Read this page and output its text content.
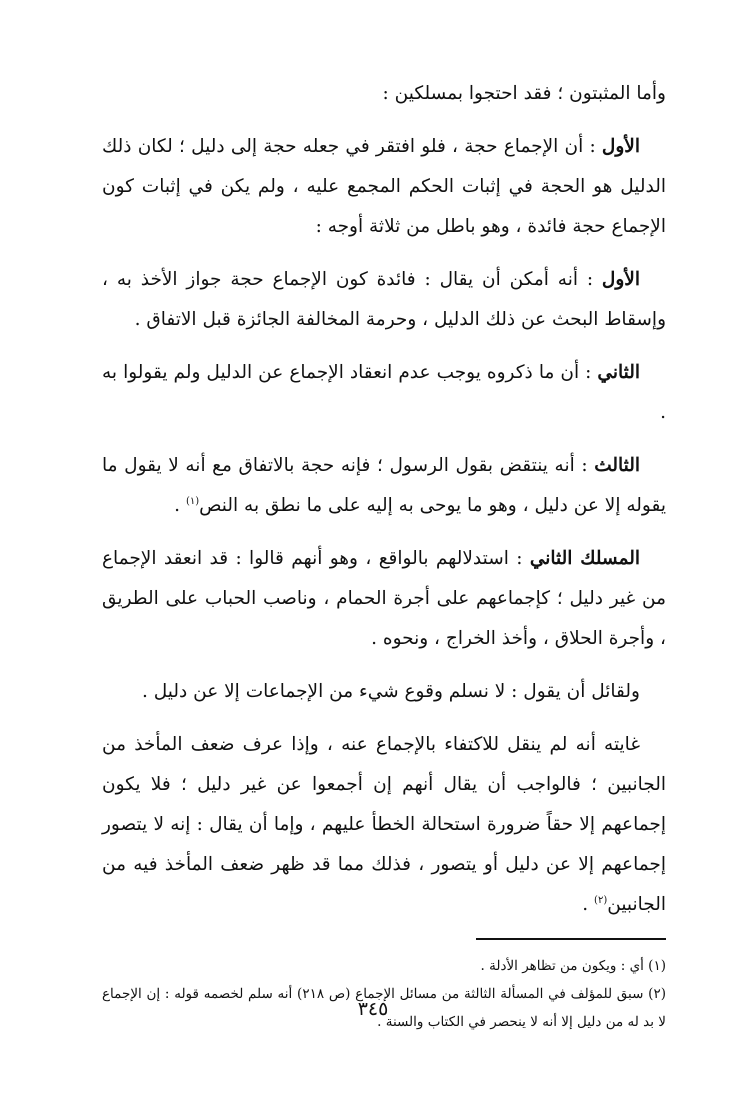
وأما المثبتون ؛ فقد احتجوا بمسلكين :

الأول : أن الإجماع حجة ، فلو افتقر في جعله حجة إلى دليل ؛ لكان ذلك الدليل هو الحجة في إثبات الحكم المجمع عليه ، ولم يكن في إثبات كون الإجماع حجة فائدة ، وهو باطل من ثلاثة أوجه :

الأول : أنه أمكن أن يقال : فائدة كون الإجماع حجة جواز الأخذ به ، وإسقاط البحث عن ذلك الدليل ، وحرمة المخالفة الجائزة قبل الاتفاق .

الثاني : أن ما ذكروه يوجب عدم انعقاد الإجماع عن الدليل ولم يقولوا به .

الثالث : أنه ينتقض بقول الرسول ؛ فإنه حجة بالاتفاق مع أنه لا يقول ما يقوله إلا عن دليل ، وهو ما يوحى به إليه على ما نطق به النص$^{(١)}$ .

المسلك الثاني : استدلالهم بالواقع ، وهو أنهم قالوا : قد انعقد الإجماع من غير دليل ؛ كإجماعهم على أجرة الحمام ، وناصب الحباب على الطريق ، وأجرة الحلاق ، وأخذ الخراج ، ونحوه .

ولقائل أن يقول : لا نسلم وقوع شيء من الإجماعات إلا عن دليل .

غايته أنه لم ينقل للاكتفاء بالإجماع عنه ، وإذا عرف ضعف المأخذ من الجانبين ؛ فالواجب أن يقال أنهم إن أجمعوا عن غير دليل ؛ فلا يكون إجماعهم إلا حقاً ضرورة استحالة الخطأ عليهم ، وإما أن يقال : إنه لا يتصور إجماعهم إلا عن دليل أو يتصور ، فذلك مما قد ظهر ضعف المأخذ فيه من الجانبين$^{(٢)}$ .

(١) أي : ويكون من تظاهر الأدلة .

(٢) سبق للمؤلف في المسألة الثالثة من مسائل الإجماع (ص ٢١٨) أنه سلم لخصمه قوله : إن الإجماع لا بد له من دليل إلا أنه لا ينحصر في الكتاب والسنة .

٣٤٥
